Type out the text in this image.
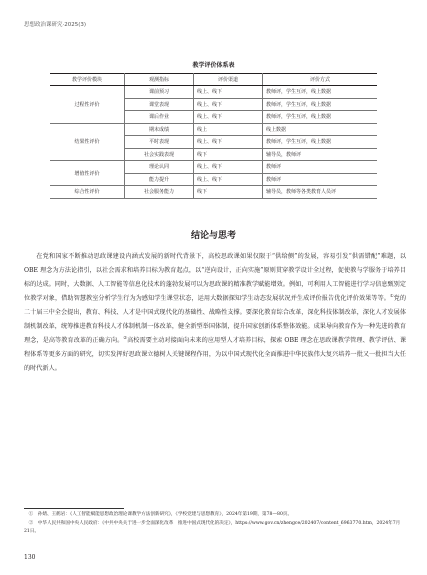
思想政治课研究·2025(3)
教学评价体系表
教学评价模块	观测指标	评价渠道	评价方式
过程性评价	课前预习	线上、线下	教师评，学生互评，线上数据
	课堂表现	线上、线下	教师评，学生互评，线上数据
	课后作业	线上、线下	教师评，学生互评，线上数据
结果性评价	期末成绩	线上	线上数据
	平时表现	线上、线下	教师评，学生互评，线上数据
	社会实践表现	线下	辅导员，教师评
增值性评价	理论认同	线上、线下	教师评
	能力提升	线上、线下	教师评
综合性评价	社会服务能力	线下	辅导员，教师等各类教育人员评
结论与思考

在党和国家不断推动思政课建设内涵式发展的新时代背景下，高校思政课如果仅限于“供给侧”的发展，容易引发“供需错配”难题，以 OBE 理念为方法论指引，以社会需求和培养目标为教育起点，以“逆向设计，正向实施”原则贯穿教学设计全过程，促使教与学服务于培养目标的达成。同时，大数据、人工智能等信息化技术的蓬勃发展可以为思政课的精准教学赋能增效。例如，可利用人工智能进行学习信息甄别定位教学对象，借助智慧教室分析学生行为为感知学生课堂状态，运用大数据探知学生动态发展状况并生成评价报告优化评价效果等等。①党的二十届三中全会提出，教育、科技、人才是中国式现代化的基础性、战略性支撑。要深化教育综合改革，深化科技体制改革，深化人才发展体制机制改革，统筹推进教育科技人才体制机制一体改革，健全新型举国体制，提升国家创新体系整体效能。成果导向教育作为一种先进的教育理念，是高等教育改革的正确方向。②高校需要主动对接面向未来的应用型人才培养目标，探索 OBE 理念在思政课教学管理、教学评估、课程体系等更多方面的研究，切实发挥好思政课立德树人关键课程作用，为以中国式现代化全面推进中华民族伟大复兴培养一批又一批担当大任的时代新人。

①　孙婧、王鹤岩：《人工智能赋能思想政治理论课教学方法创新研究》，《学校党建与思想教育》，2024年第19期，第78—80页。

②　中华人民共和国中央人民政府：《中共中央关于进一步全面深化改革　推进中国式现代化的决定》，https://www.gov.cn/zhengce/202407/content_6963770.htm，2024年7月21日。

130
